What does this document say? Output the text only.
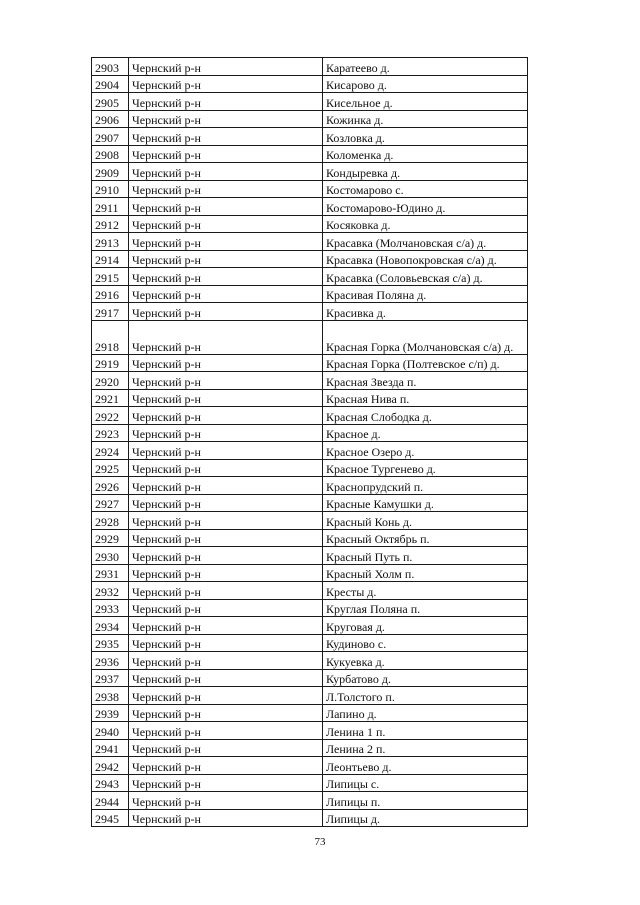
2903	Чернский р-н	Каратеево д.
2904	Чернский р-н	Кисарово д.
2905	Чернский р-н	Кисельное д.
2906	Чернский р-н	Кожинка д.
2907	Чернский р-н	Козловка д.
2908	Чернский р-н	Коломенка д.
2909	Чернский р-н	Кондыревка д.
2910	Чернский р-н	Костомарово с.
2911	Чернский р-н	Костомарово-Юдино д.
2912	Чернский р-н	Косяковка д.
2913	Чернский р-н	Красавка (Молчановская с/а) д.
2914	Чернский р-н	Красавка (Новопокровская с/а) д.
2915	Чернский р-н	Красавка (Соловьевская с/а) д.
2916	Чернский р-н	Красивая Поляна д.
2917	Чернский р-н	Красивка д.
2918	Чернский р-н	Красная Горка (Молчановская с/а) д.
2919	Чернский р-н	Красная Горка (Полтевское с/п) д.
2920	Чернский р-н	Красная Звезда п.
2921	Чернский р-н	Красная Нива п.
2922	Чернский р-н	Красная Слободка д.
2923	Чернский р-н	Красное д.
2924	Чернский р-н	Красное Озеро д.
2925	Чернский р-н	Красное Тургенево д.
2926	Чернский р-н	Краснопрудский п.
2927	Чернский р-н	Красные Камушки д.
2928	Чернский р-н	Красный Конь д.
2929	Чернский р-н	Красный Октябрь п.
2930	Чернский р-н	Красный Путь п.
2931	Чернский р-н	Красный Холм п.
2932	Чернский р-н	Кресты д.
2933	Чернский р-н	Круглая Поляна п.
2934	Чернский р-н	Круговая д.
2935	Чернский р-н	Кудиново с.
2936	Чернский р-н	Кукуевка д.
2937	Чернский р-н	Курбатово д.
2938	Чернский р-н	Л.Толстого п.
2939	Чернский р-н	Лапино д.
2940	Чернский р-н	Ленина 1 п.
2941	Чернский р-н	Ленина 2 п.
2942	Чернский р-н	Леонтьево д.
2943	Чернский р-н	Липицы с.
2944	Чернский р-н	Липицы п.
2945	Чернский р-н	Липицы д.
73
